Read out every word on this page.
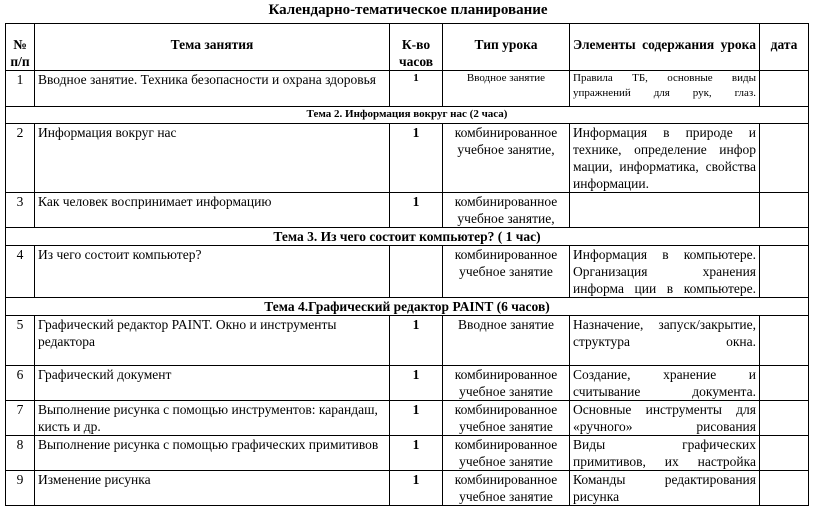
Календарно-тематическое планирование
№ п/п	Тема занятия	К-во часов	Тип урока	Элементы содержания урока	дата
1	Вводное занятие. Техника безопасности и охрана здоровья	1	Вводное занятие	Правила ТБ, основные виды упражнений для рук, глаз.	
Тема 2. Информация вокруг нас (2 часа)					
2	Информация вокруг нас	1	комбинированное учебное занятие,	Информация в природе и технике, определение инфор мации, информатика, свойства информации.	
3	Как человек воспринимает информацию	1	комбинированное учебное занятие,		
Тема 3. Из чего состоит компьютер? ( 1 час)					
4	Из чего состоит компьютер?		комбинированное учебное занятие	Информация в компьютере. Организация хранения информа ции в компьютере.	
Тема 4.Графический редактор PAINT (6 часов)					
5	Графический редактор PAINT. Окно и инструменты редактора	1	Вводное занятие	Назначение, запуск/закрытие, структура окна.	
6	Графический документ	1	комбинированное учебное занятие	Создание, хранение и считывание документа.	
7	Выполнение рисунка с помощью инструментов: карандаш, кисть и др.	1	комбинированное учебное занятие	Основные инструменты для «ручного» рисования	
8	Выполнение рисунка с помощью графических примитивов	1	комбинированное учебное занятие	Виды графических примитивов, их настройка	
9	Изменение рисунка	1	комбинированное учебное занятие	Команды редактирования рисунка	
